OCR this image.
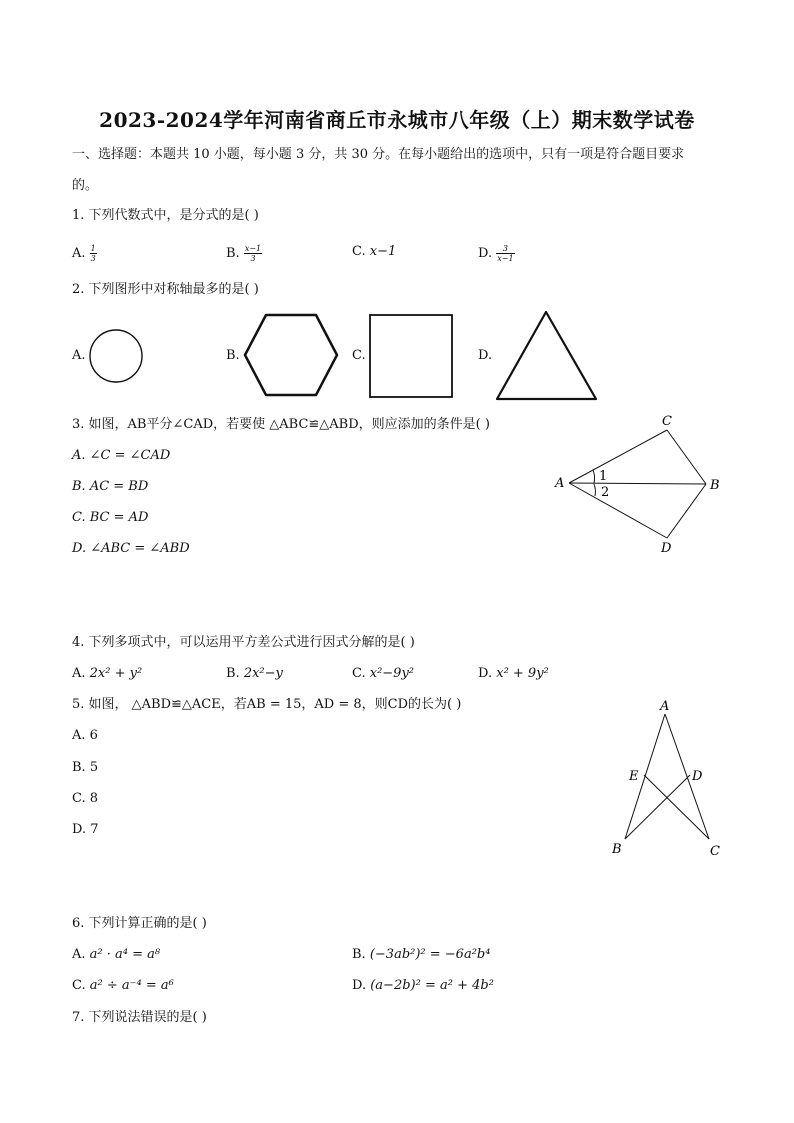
2023-2024学年河南省商丘市永城市八年级（上）期末数学试卷
一、选择题：本题共 10 小题，每小题 3 分，共 30 分。在每小题给出的选项中，只有一项是符合题目要求
的。
1. 下列代数式中，是分式的是( )
A. $\frac{1}{3}$	B. $\frac{x-1}{3}$	C. x−1	D. $\frac{3}{x-1}$
2. 下列图形中对称轴最多的是( )
A.	B.	C.	D.
3. 如图，AB平分∠CAD，若要使 △ABC≌△ABD，则应添加的条件是( )
A. ∠C = ∠CAD
B. AC = BD
C. BC = AD
D. ∠ABC = ∠ABD
A
C
B
D
1
2
4. 下列多项式中，可以运用平方差公式进行因式分解的是( )
A. 2x² + y²	B. 2x²−y	C. x²−9y²	D. x² + 9y²
5. 如图， △ABD≌△ACE，若AB = 15，AD = 8，则CD的长为( )
A. 6
B. 5
C. 8
D. 7
A
E	D
B	C
6. 下列计算正确的是( )
A. a² · a⁴ = a⁸	B. (−3ab²)² = −6a²b⁴
C. a² ÷ a⁻⁴ = a⁶	D. (a−2b)² = a² + 4b²
7. 下列说法错误的是( )
